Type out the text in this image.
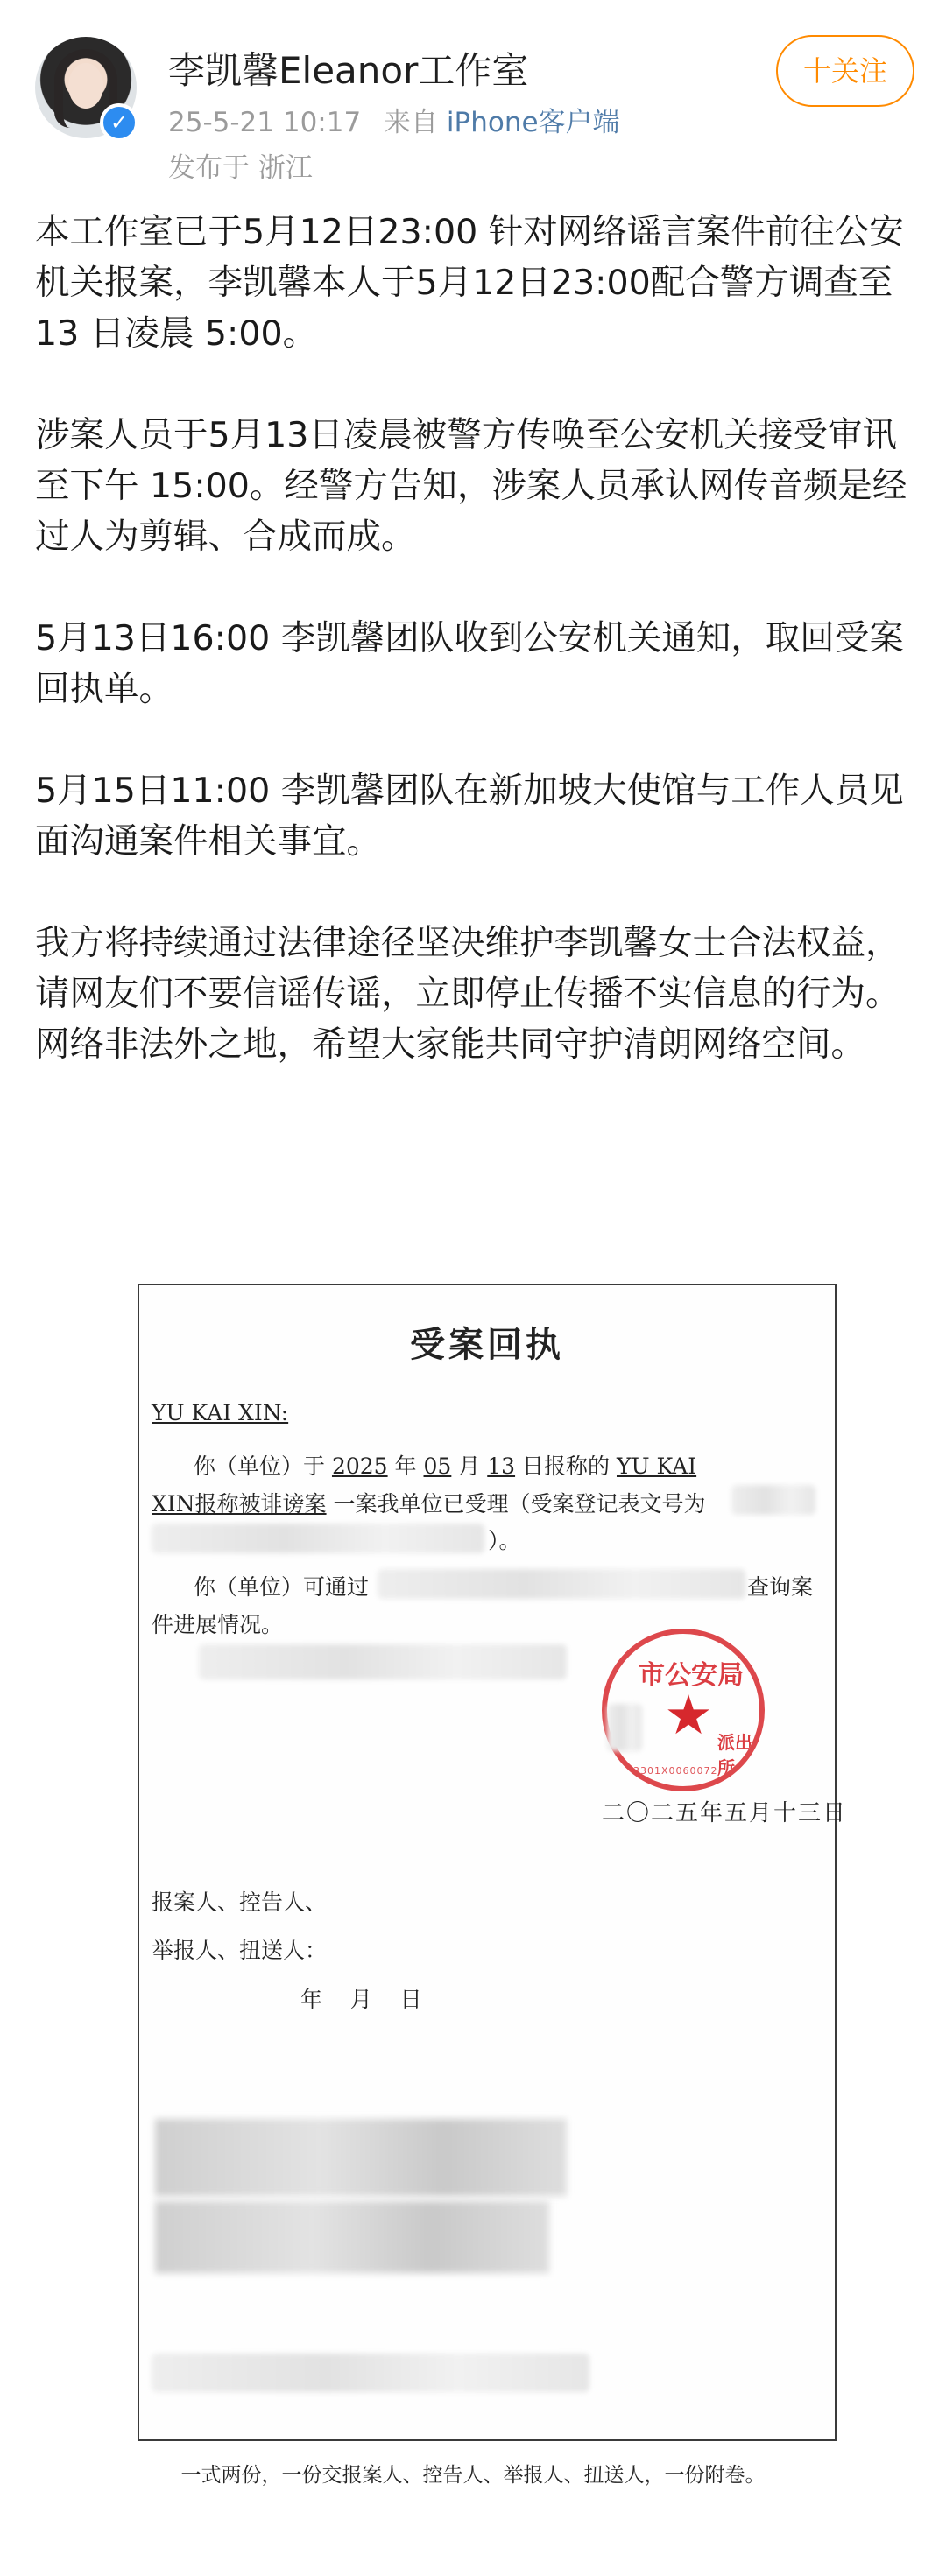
✓
李凯馨Eleanor工作室
25-5-21 10:17 来自 iPhone客户端
发布于 浙江
十关注

本工作室已于5月12日23:00 针对网络谣言案件前往公安机关报案，李凯馨本人于5月12日23:00配合警方调查至13 日凌晨 5:00。

涉案人员于5月13日凌晨被警方传唤至公安机关接受审讯至下午 15:00。经警方告知，涉案人员承认网传音频是经过人为剪辑、合成而成。

5月13日16:00 李凯馨团队收到公安机关通知，取回受案回执单。

5月15日11:00 李凯馨团队在新加坡大使馆与工作人员见面沟通案件相关事宜。

我方将持续通过法律途径坚决维护李凯馨女士合法权益，请网友们不要信谣传谣，立即停止传播不实信息的行为。网络非法外之地，希望大家能共同守护清朗网络空间。

受案回执
YU KAI XIN:
你（单位）于 2025 年 05 月 13 日报称的 YU KAI
XIN报称被诽谤案 一案我单位已受理（受案登记表文号为
）。
你（单位）可通过	查询案
件进展情况。
市公安局
★ 派出所
3301X0060072
二〇二五年五月十三日
报案人、控告人、
举报人、扭送人：
年    月    日
一式两份，一份交报案人、控告人、举报人、扭送人，一份附卷。
